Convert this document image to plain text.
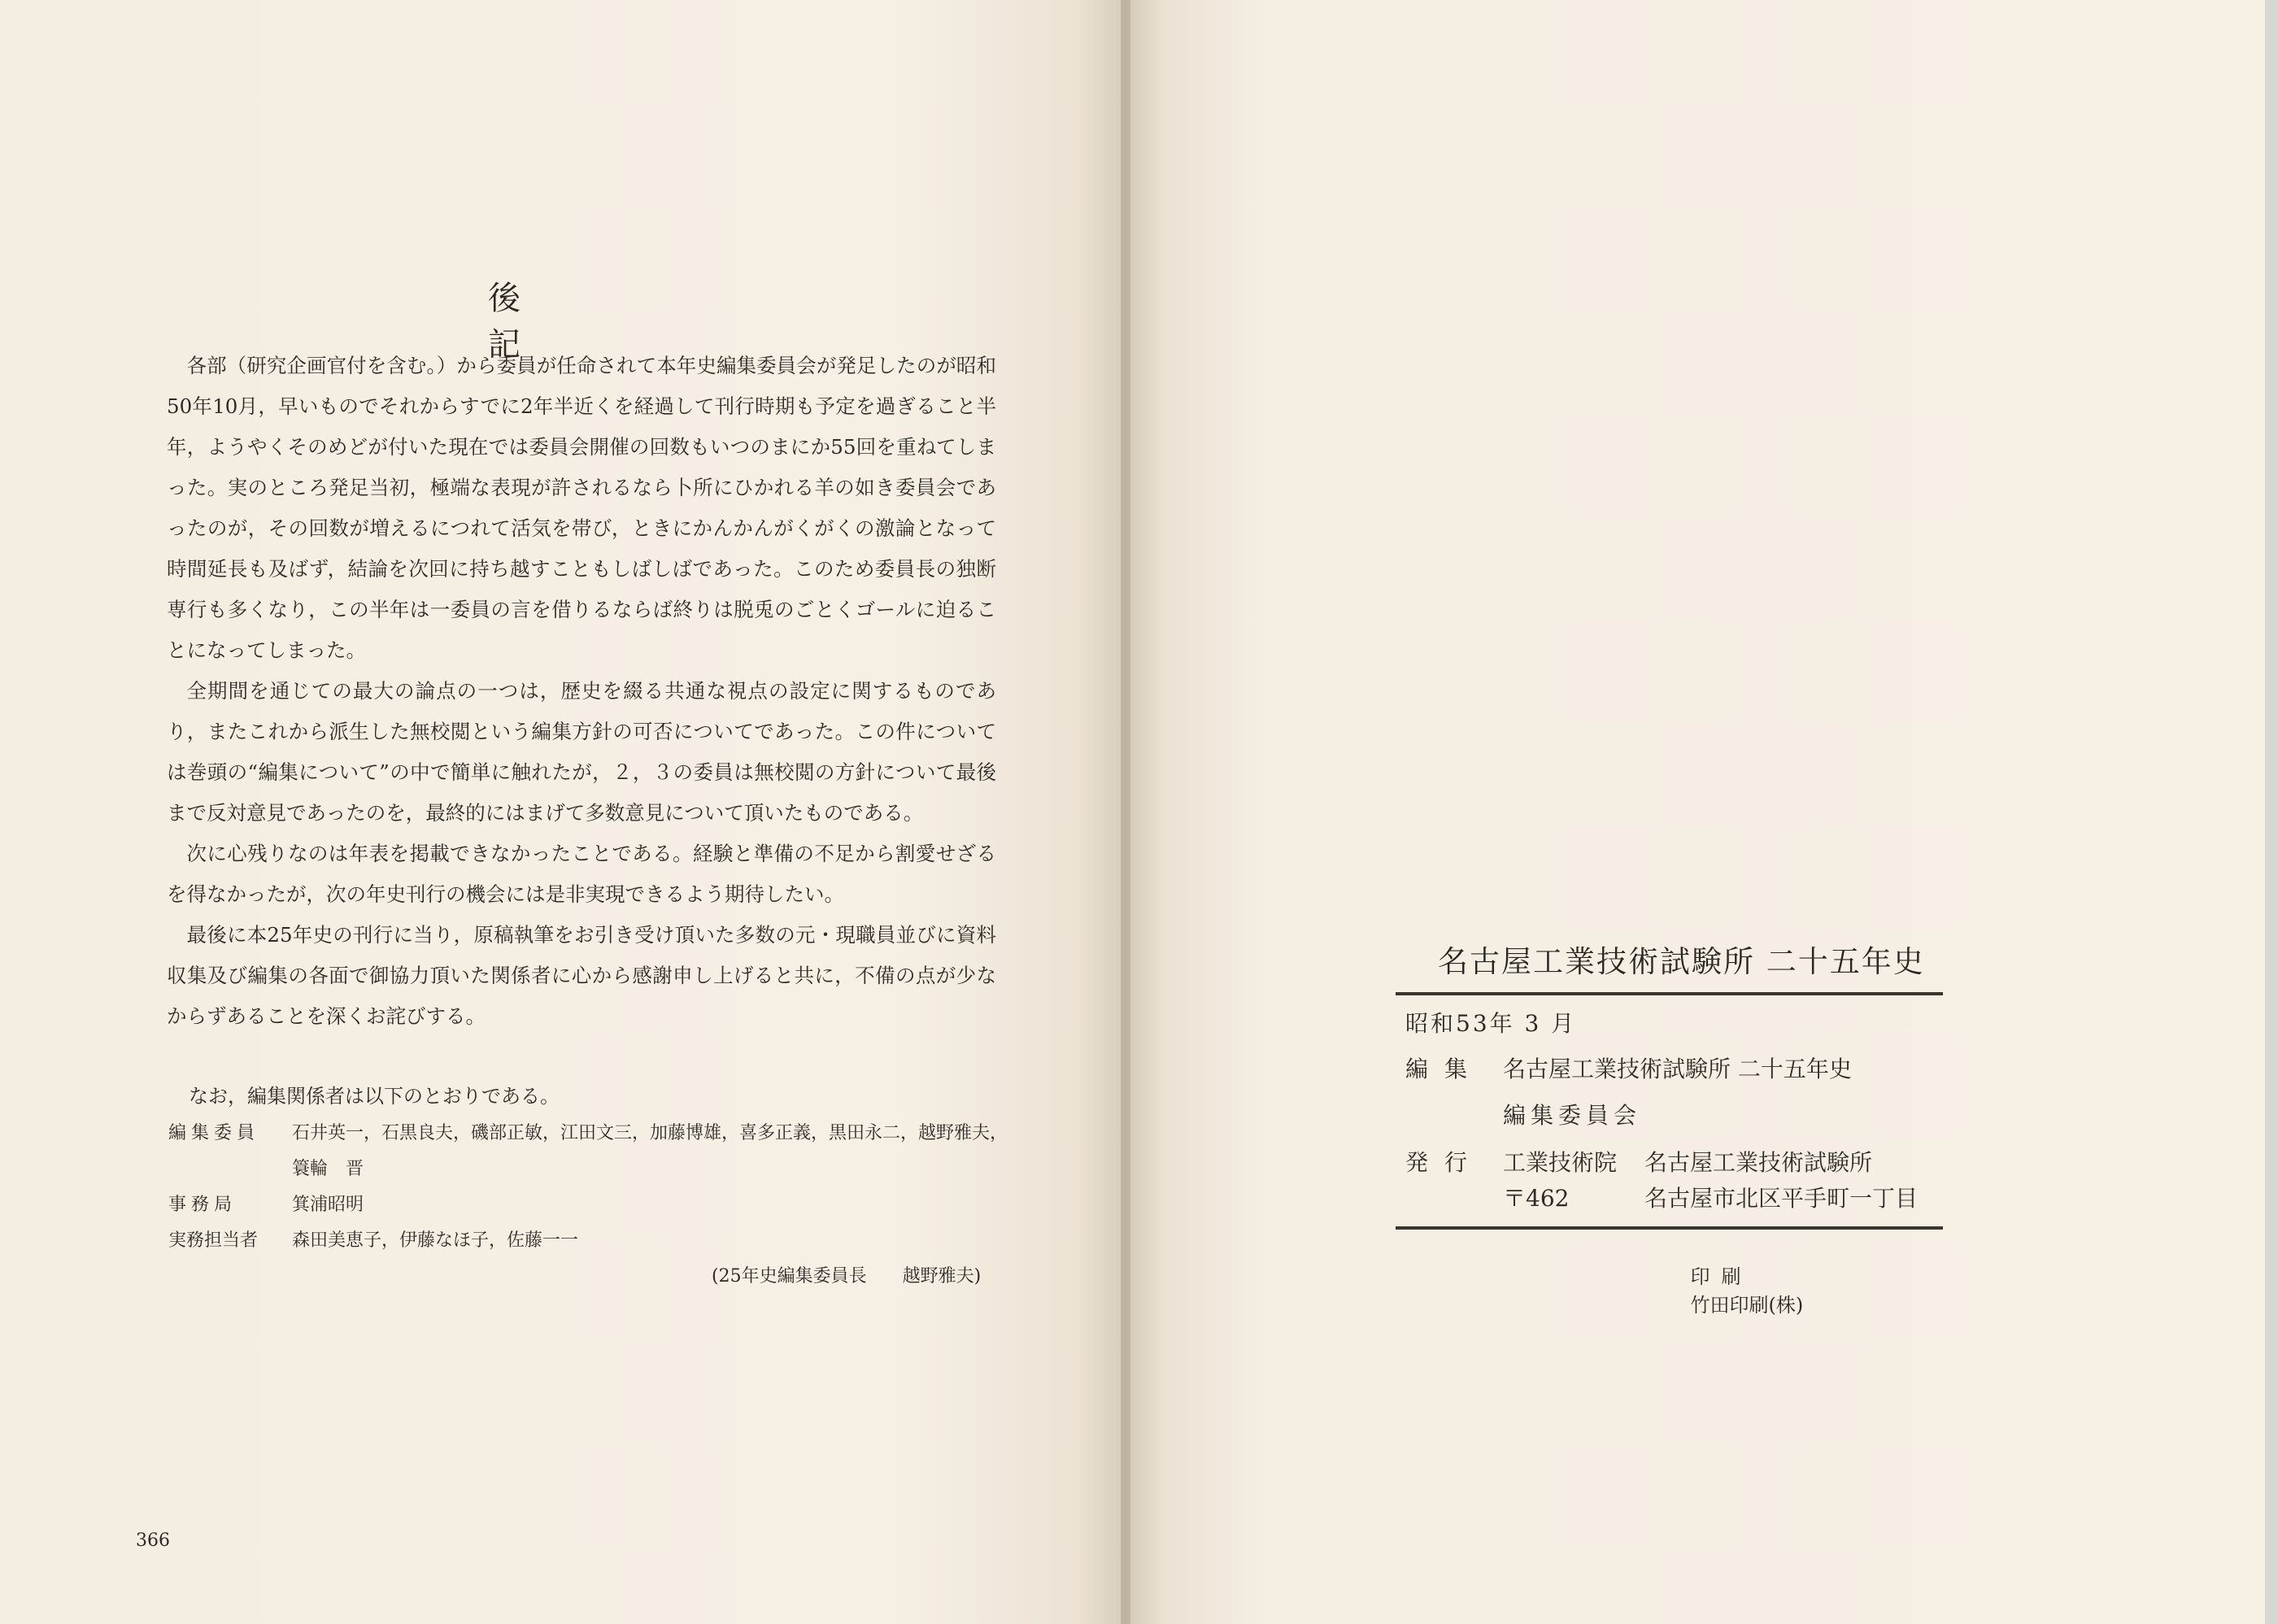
後　記

各部（研究企画官付を含む。）から委員が任命されて本年史編集委員会が発足したのが昭和50年10月，早いものでそれからすでに2年半近くを経過して刊行時期も予定を過ぎること半年，ようやくそのめどが付いた現在では委員会開催の回数もいつのまにか55回を重ねてしまった。実のところ発足当初，極端な表現が許されるなら卜所にひかれる羊の如き委員会であったのが，その回数が増えるにつれて活気を帯び，ときにかんかんがくがくの激論となって時間延長も及ばず，結論を次回に持ち越すこともしばしばであった。このため委員長の独断専行も多くなり，この半年は一委員の言を借りるならば終りは脱兎のごとくゴールに迫ることになってしまった。

全期間を通じての最大の論点の一つは，歴史を綴る共通な視点の設定に関するものであり，またこれから派生した無校閲という編集方針の可否についてであった。この件については巻頭の“編集について”の中で簡単に触れたが，２，３の委員は無校閲の方針について最後まで反対意見であったのを，最終的にはまげて多数意見について頂いたものである。

次に心残りなのは年表を掲載できなかったことである。経験と準備の不足から割愛せざるを得なかったが，次の年史刊行の機会には是非実現できるよう期待したい。

最後に本25年史の刊行に当り，原稿執筆をお引き受け頂いた多数の元・現職員並びに資料収集及び編集の各面で御協力頂いた関係者に心から感謝申し上げると共に，不備の点が少なからずあることを深くお詫びする。

なお，編集関係者は以下のとおりである。
編集委員	石井英一，石黒良夫，磯部正敏，江田文三，加藤博雄，喜多正義，黒田永二，越野雅夫，簑輪　晋
事務局	箕浦昭明
実務担当者	森田美恵子，伊藤なほ子，佐藤一一
(25年史編集委員長　　越野雅夫)
366
名古屋工業技術試験所 二十五年史
昭和53年 3 月
編集 名古屋工業技術試験所 二十五年史
編集委員会
発行 工業技術院 名古屋工業技術試験所
〒462	名古屋市北区平手町一丁目

印刷
竹田印刷(株)
